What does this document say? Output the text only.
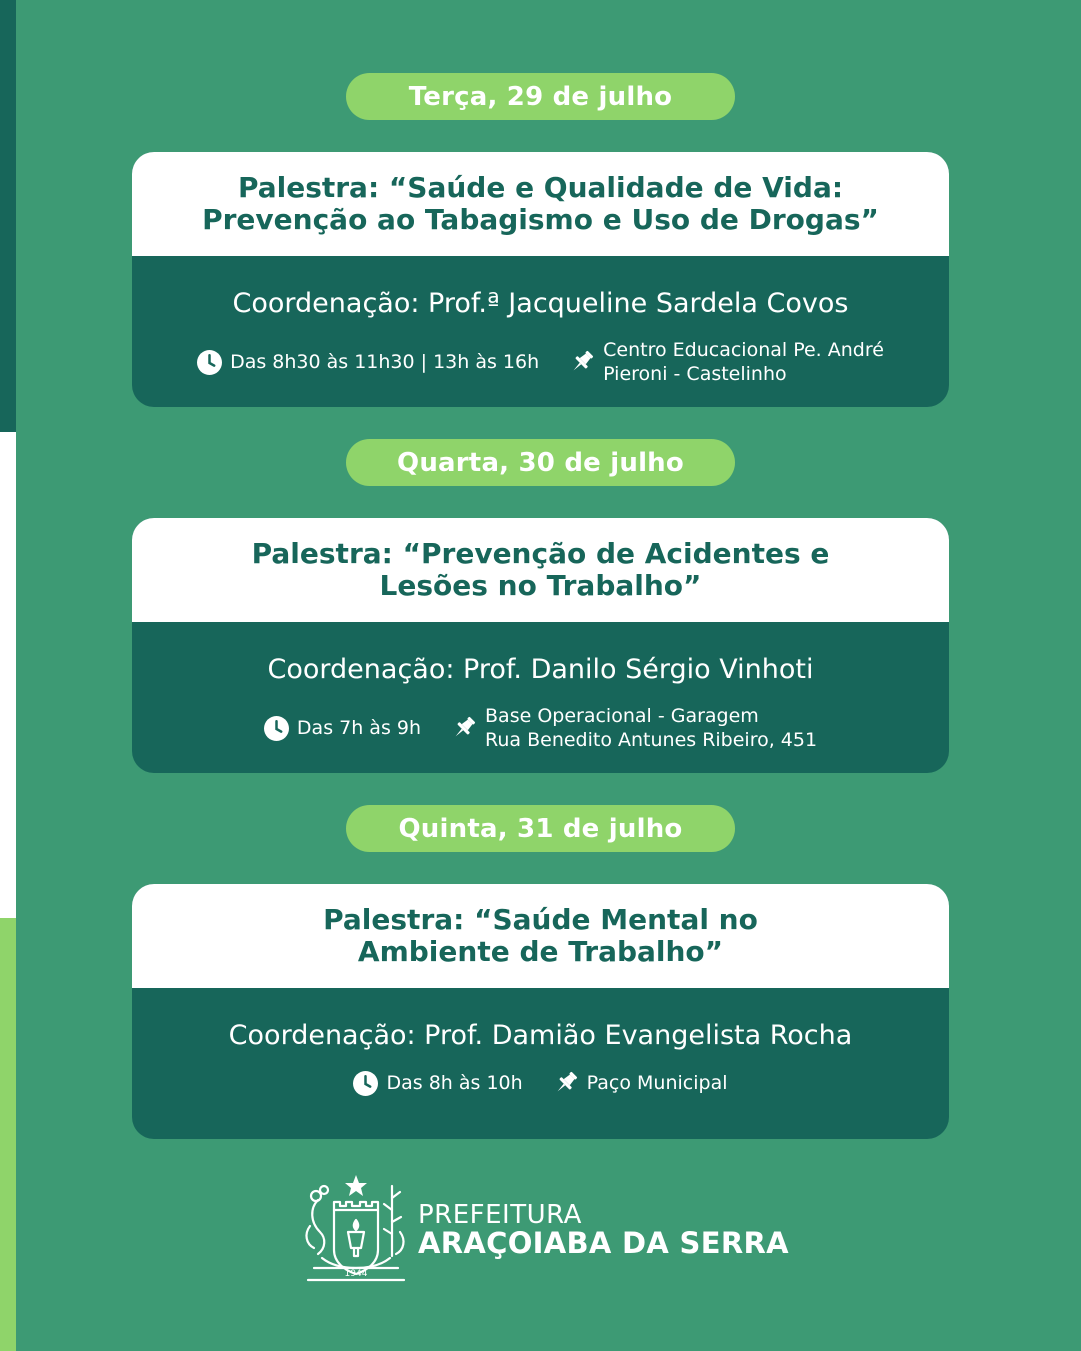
Terça, 29 de julho
Palestra: “Saúde e Qualidade de Vida:
Prevenção ao Tabagismo e Uso de Drogas”
Coordenação: Prof.ª Jacqueline Sardela Covos
Das 8h30 às 11h30 | 13h às 16h
Centro Educacional Pe. André
Pieroni - Castelinho
Quarta, 30 de julho
Palestra: “Prevenção de Acidentes e
Lesões no Trabalho”
Coordenação: Prof. Danilo Sérgio Vinhoti
Das 7h às 9h
Base Operacional - Garagem
Rua Benedito Antunes Ribeiro, 451
Quinta, 31 de julho
Palestra: “Saúde Mental no
Ambiente de Trabalho”
Coordenação: Prof. Damião Evangelista Rocha
Das 8h às 10h	Paço Municipal
1944
PREFEITURA
ARAÇOIABA DA SERRA
